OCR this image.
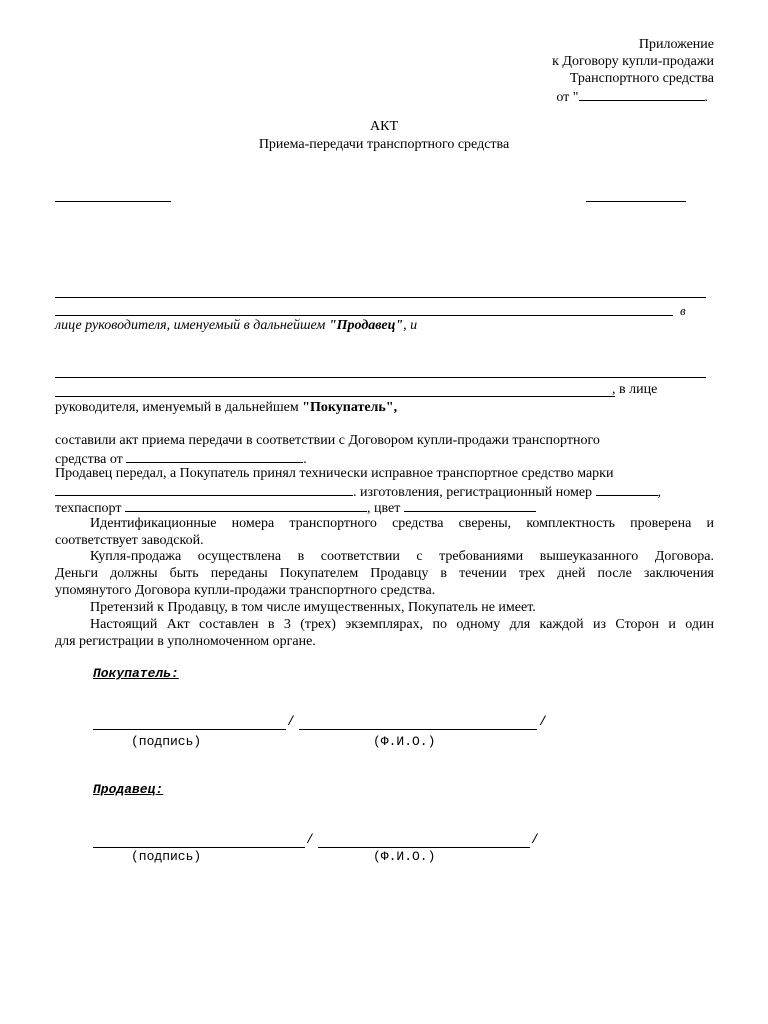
Приложение
к Договору купли-продажи
Транспортного средства
от "	.
АКТ
Приема-передачи транспортного средства
в
лице руководителя, именуемый в дальнейшем "Продавец", и
, в лице
руководителя, именуемый в дальнейшем "Покупатель",
составили акт приема передачи в соответствии с Договором купли-продажи транспортного
средства от	.
Продавец передал, а Покупатель принял технически исправное транспортное средство марки
. изготовления, регистрационный номер	,
техпаспорт	, цвет
Идентификационные номера транспортного средства сверены, комплектность проверена и
соответствует заводской.
Купля-продажа осуществлена в соответствии с требованиями вышеуказанного Договора.
Деньги должны быть переданы Покупателем Продавцу в течении трех дней после заключения
упомянутого Договора купли-продажи транспортного средства.
Претензий к Продавцу, в том числе имущественных, Покупатель не имеет.
Настоящий Акт составлен в 3 (трех) экземплярах, по одному для каждой из Сторон и один
для регистрации в уполномоченном органе.
Покупатель:
/	/
(подпись)	(Ф.И.О.)
Продавец:
/	/
(подпись)	(Ф.И.О.)
